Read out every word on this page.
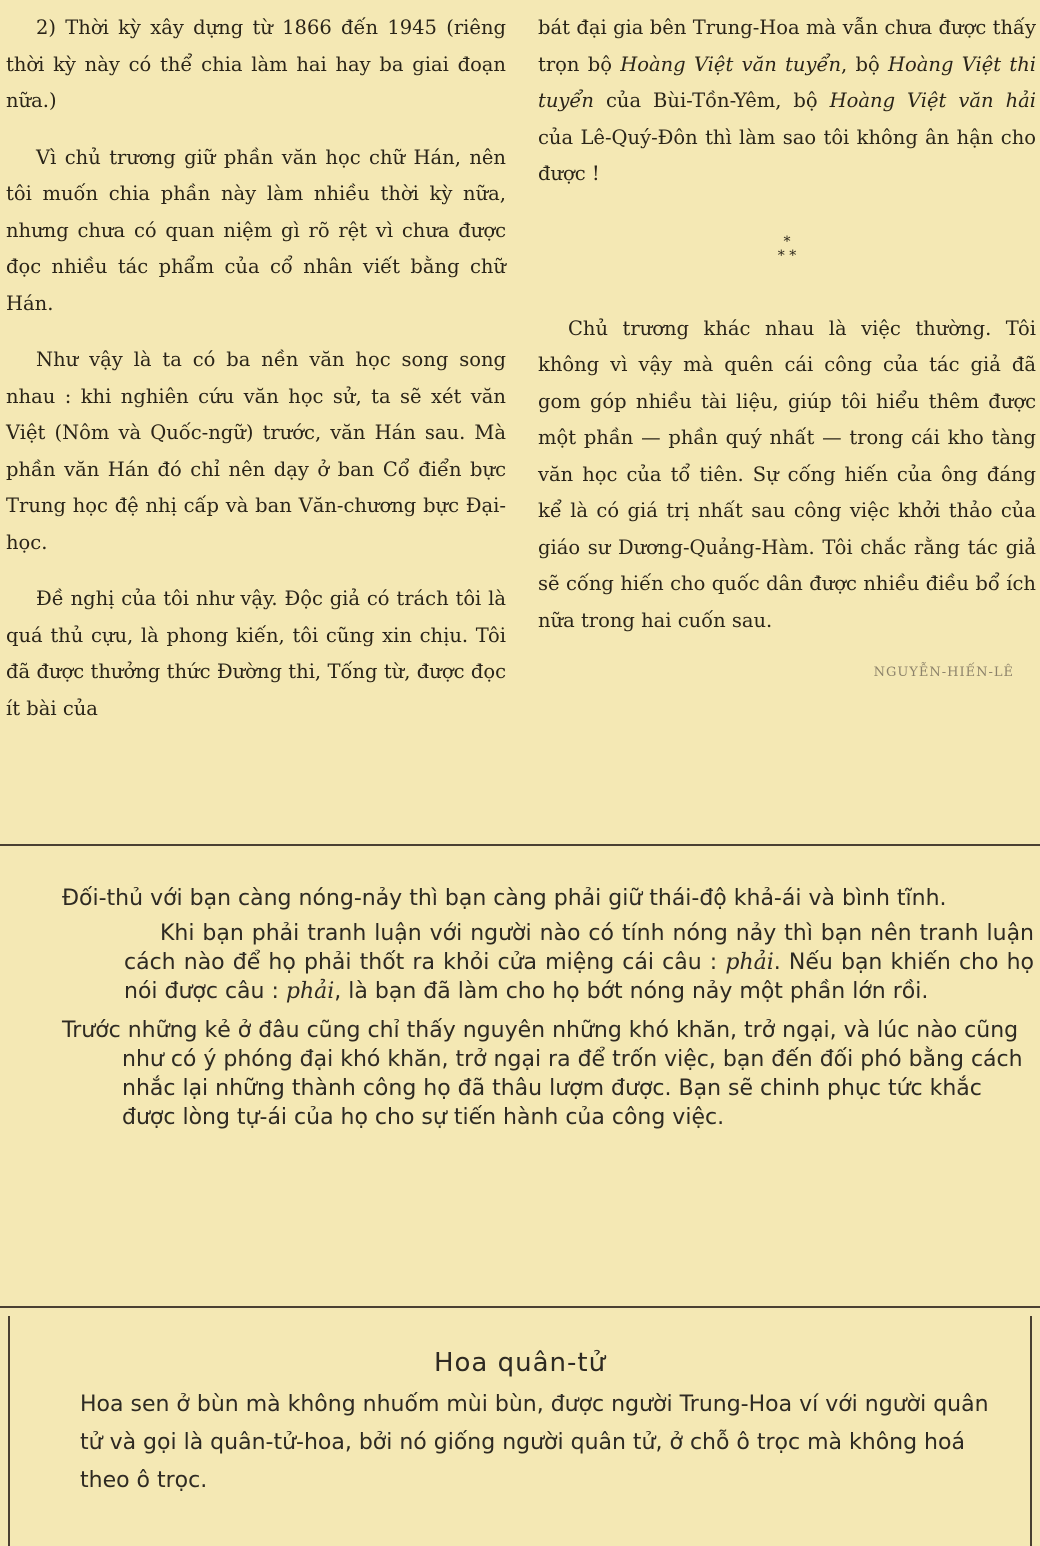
2) Thời kỳ xây dựng từ 1866 đến 1945 (riêng thời kỳ này có thể chia làm hai hay ba giai đoạn nữa.)

Vì chủ trương giữ phần văn học chữ Hán, nên tôi muốn chia phần này làm nhiều thời kỳ nữa, nhưng chưa có quan niệm gì rõ rệt vì chưa được đọc nhiều tác phẩm của cổ nhân viết bằng chữ Hán.

Như vậy là ta có ba nền văn học song song nhau : khi nghiên cứu văn học sử, ta sẽ xét văn Việt (Nôm và Quốc-ngữ) trước, văn Hán sau. Mà phần văn Hán đó chỉ nên dạy ở ban Cổ điển bực Trung học đệ nhị cấp và ban Văn-chương bực Đại-học.

Đề nghị của tôi như vậy. Độc giả có trách tôi là quá thủ cựu, là phong kiến, tôi cũng xin chịu. Tôi đã được thưởng thức Đường thi, Tống từ, được đọc ít bài của

bát đại gia bên Trung-Hoa mà vẫn chưa được thấy trọn bộ Hoàng Việt văn tuyển, bộ Hoàng Việt thi tuyển của Bùi-Tồn-Yêm, bộ Hoàng Việt văn hải của Lê-Quý-Đôn thì làm sao tôi không ân hận cho được !

*
* *

Chủ trương khác nhau là việc thường. Tôi không vì vậy mà quên cái công của tác giả đã gom góp nhiều tài liệu, giúp tôi hiểu thêm được một phần — phần quý nhất — trong cái kho tàng văn học của tổ tiên. Sự cống hiến của ông đáng kể là có giá trị nhất sau công việc khởi thảo của giáo sư Dương-Quảng-Hàm. Tôi chắc rằng tác giả sẽ cống hiến cho quốc dân được nhiều điều bổ ích nữa trong hai cuốn sau.

NGUYỄN-HIẾN-LÊ

Đối-thủ với bạn càng nóng-nảy thì bạn càng phải giữ thái-độ khả-ái và bình tĩnh.

Khi bạn phải tranh luận với người nào có tính nóng nảy thì bạn nên tranh luận cách nào để họ phải thốt ra khỏi cửa miệng cái câu : phải. Nếu bạn khiến cho họ nói được câu : phải, là bạn đã làm cho họ bớt nóng nảy một phần lớn rồi.

Trước những kẻ ở đâu cũng chỉ thấy nguyên những khó khăn, trở ngại, và lúc nào cũng như có ý phóng đại khó khăn, trở ngại ra để trốn việc, bạn đến đối phó bằng cách nhắc lại những thành công họ đã thâu lượm được. Bạn sẽ chinh phục tức khắc được lòng tự-ái của họ cho sự tiến hành của công việc.

Hoa quân-tử
Hoa sen ở bùn mà không nhuốm mùi bùn, được người Trung-Hoa ví với người quân tử và gọi là quân-tử-hoa, bởi nó giống người quân tử, ở chỗ ô trọc mà không hoá theo ô trọc.
